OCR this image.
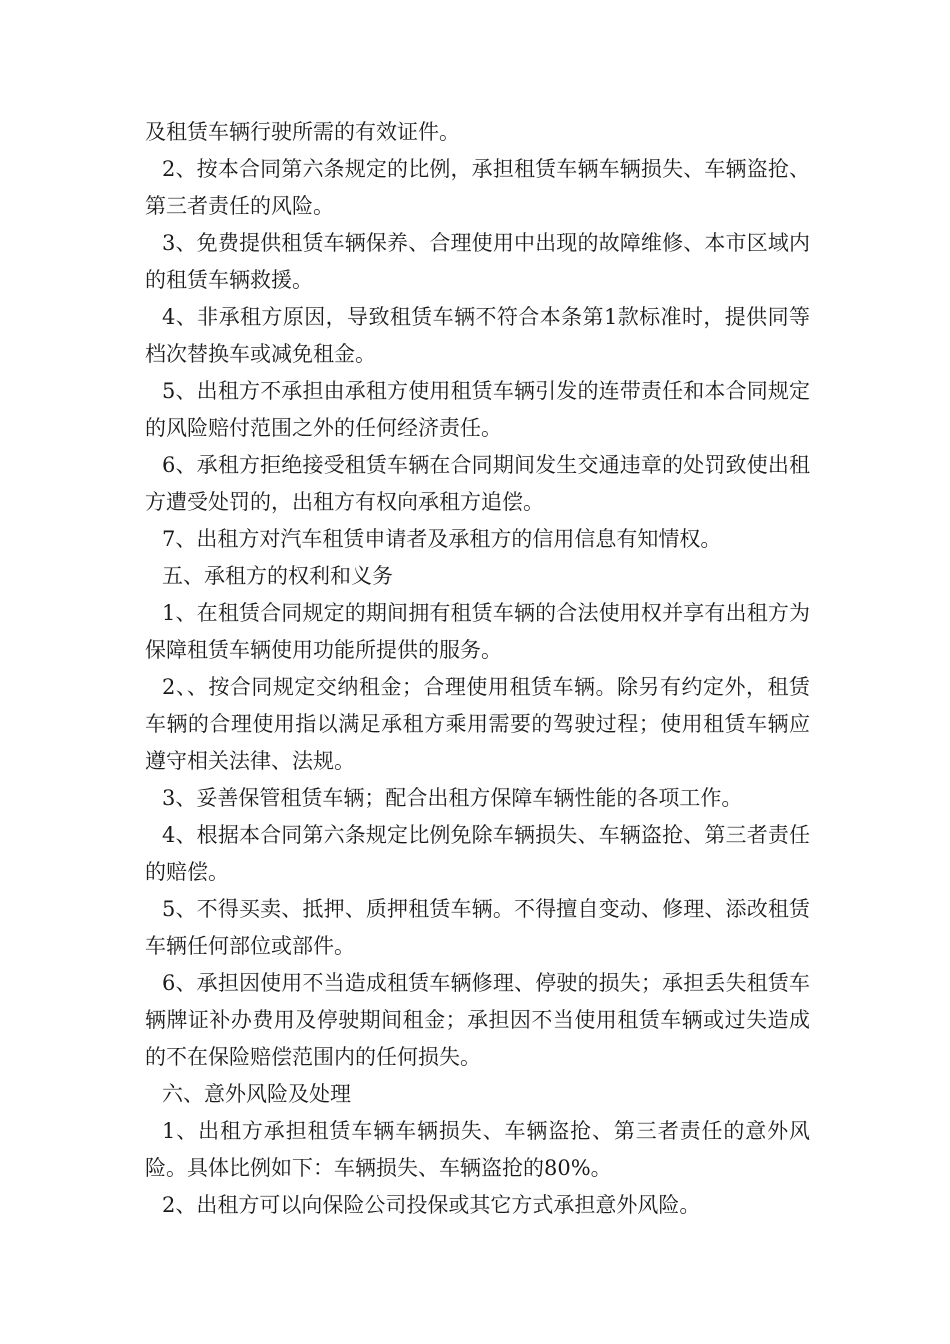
及租赁车辆行驶所需的有效证件。

2、按本合同第六条规定的比例，承担租赁车辆车辆损失、车辆盗抢、第三者责任的风险。

3、免费提供租赁车辆保养、合理使用中出现的故障维修、本市区域内的租赁车辆救援。

4、非承租方原因，导致租赁车辆不符合本条第1款标准时，提供同等档次替换车或减免租金。

5、出租方不承担由承租方使用租赁车辆引发的连带责任和本合同规定的风险赔付范围之外的任何经济责任。

6、承租方拒绝接受租赁车辆在合同期间发生交通违章的处罚致使出租方遭受处罚的，出租方有权向承租方追偿。

7、出租方对汽车租赁申请者及承租方的信用信息有知情权。

五、承租方的权利和义务

1、在租赁合同规定的期间拥有租赁车辆的合法使用权并享有出租方为保障租赁车辆使用功能所提供的服务。

2、、按合同规定交纳租金；合理使用租赁车辆。除另有约定外，租赁车辆的合理使用指以满足承租方乘用需要的驾驶过程；使用租赁车辆应遵守相关法律、法规。

3、妥善保管租赁车辆；配合出租方保障车辆性能的各项工作。

4、根据本合同第六条规定比例免除车辆损失、车辆盗抢、第三者责任的赔偿。

5、不得买卖、抵押、质押租赁车辆。不得擅自变动、修理、添改租赁车辆任何部位或部件。

6、承担因使用不当造成租赁车辆修理、停驶的损失；承担丢失租赁车辆牌证补办费用及停驶期间租金；承担因不当使用租赁车辆或过失造成的不在保险赔偿范围内的任何损失。

六、意外风险及处理

1、出租方承担租赁车辆车辆损失、车辆盗抢、第三者责任的意外风险。具体比例如下：车辆损失、车辆盗抢的80%。

2、出租方可以向保险公司投保或其它方式承担意外风险。
